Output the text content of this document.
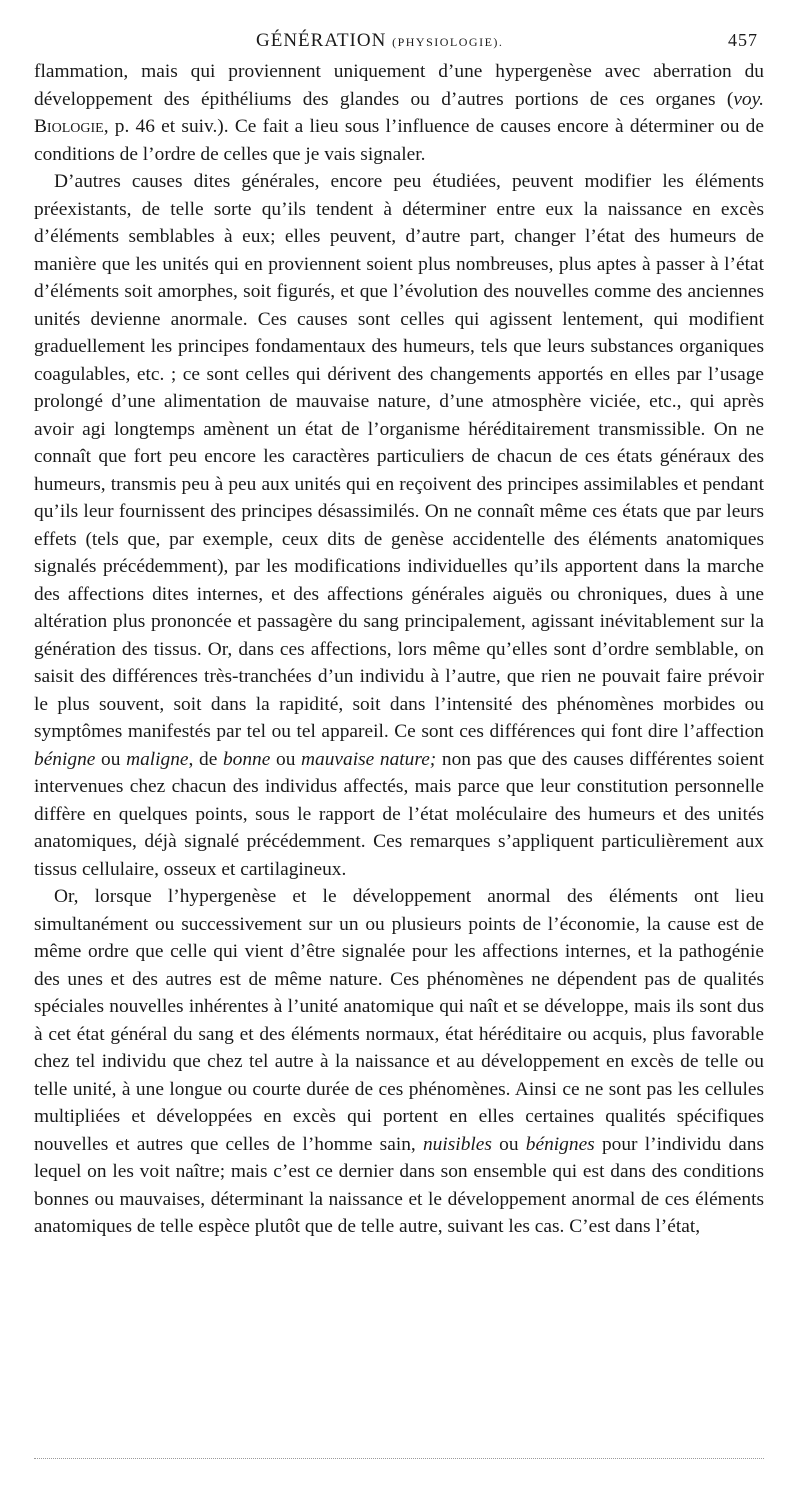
GÉNÉRATION (PHYSIOLOGIE).	457

flammation, mais qui proviennent uniquement d’une hypergenèse avec aberration du développement des épithéliums des glandes ou d’autres portions de ces organes (voy. Biologie, p. 46 et suiv.). Ce fait a lieu sous l’influence de causes encore à déterminer ou de conditions de l’ordre de celles que je vais signaler.

D’autres causes dites générales, encore peu étudiées, peuvent modifier les éléments préexistants, de telle sorte qu’ils tendent à déterminer entre eux la naissance en excès d’éléments semblables à eux; elles peuvent, d’autre part, changer l’état des humeurs de manière que les unités qui en proviennent soient plus nombreuses, plus aptes à passer à l’état d’éléments soit amorphes, soit figurés, et que l’évolution des nouvelles comme des anciennes unités devienne anormale. Ces causes sont celles qui agissent lentement, qui modifient graduellement les principes fondamentaux des humeurs, tels que leurs substances organiques coagulables, etc. ; ce sont celles qui dérivent des changements apportés en elles par l’usage prolongé d’une alimentation de mauvaise nature, d’une atmosphère viciée, etc., qui après avoir agi longtemps amènent un état de l’organisme héréditairement transmissible. On ne connaît que fort peu encore les caractères particuliers de chacun de ces états généraux des humeurs, transmis peu à peu aux unités qui en reçoivent des principes assimilables et pendant qu’ils leur fournissent des principes désassimilés. On ne connaît même ces états que par leurs effets (tels que, par exemple, ceux dits de genèse accidentelle des éléments anatomiques signalés précédemment), par les modifications individuelles qu’ils apportent dans la marche des affections dites internes, et des affections générales aiguës ou chroniques, dues à une altération plus prononcée et passagère du sang principalement, agissant inévitablement sur la génération des tissus. Or, dans ces affections, lors même qu’elles sont d’ordre semblable, on saisit des différences très-tranchées d’un individu à l’autre, que rien ne pouvait faire prévoir le plus souvent, soit dans la rapidité, soit dans l’intensité des phénomènes morbides ou symptômes manifestés par tel ou tel appareil. Ce sont ces différences qui font dire l’affection bénigne ou maligne, de bonne ou mauvaise nature; non pas que des causes différentes soient intervenues chez chacun des individus affectés, mais parce que leur constitution personnelle diffère en quelques points, sous le rapport de l’état moléculaire des humeurs et des unités anatomiques, déjà signalé précédemment. Ces remarques s’appliquent particulièrement aux tissus cellulaire, osseux et cartilagineux.

Or, lorsque l’hypergenèse et le développement anormal des éléments ont lieu simultanément ou successivement sur un ou plusieurs points de l’économie, la cause est de même ordre que celle qui vient d’être signalée pour les affections internes, et la pathogénie des unes et des autres est de même nature. Ces phénomènes ne dépendent pas de qualités spéciales nouvelles inhérentes à l’unité anatomique qui naît et se développe, mais ils sont dus à cet état général du sang et des éléments normaux, état héréditaire ou acquis, plus favorable chez tel individu que chez tel autre à la naissance et au développement en excès de telle ou telle unité, à une longue ou courte durée de ces phénomènes. Ainsi ce ne sont pas les cellules multipliées et développées en excès qui portent en elles certaines qualités spécifiques nouvelles et autres que celles de l’homme sain, nuisibles ou bénignes pour l’individu dans lequel on les voit naître; mais c’est ce dernier dans son ensemble qui est dans des conditions bonnes ou mauvaises, déterminant la naissance et le développement anormal de ces éléments anatomiques de telle espèce plutôt que de telle autre, suivant les cas. C’est dans l’état,
